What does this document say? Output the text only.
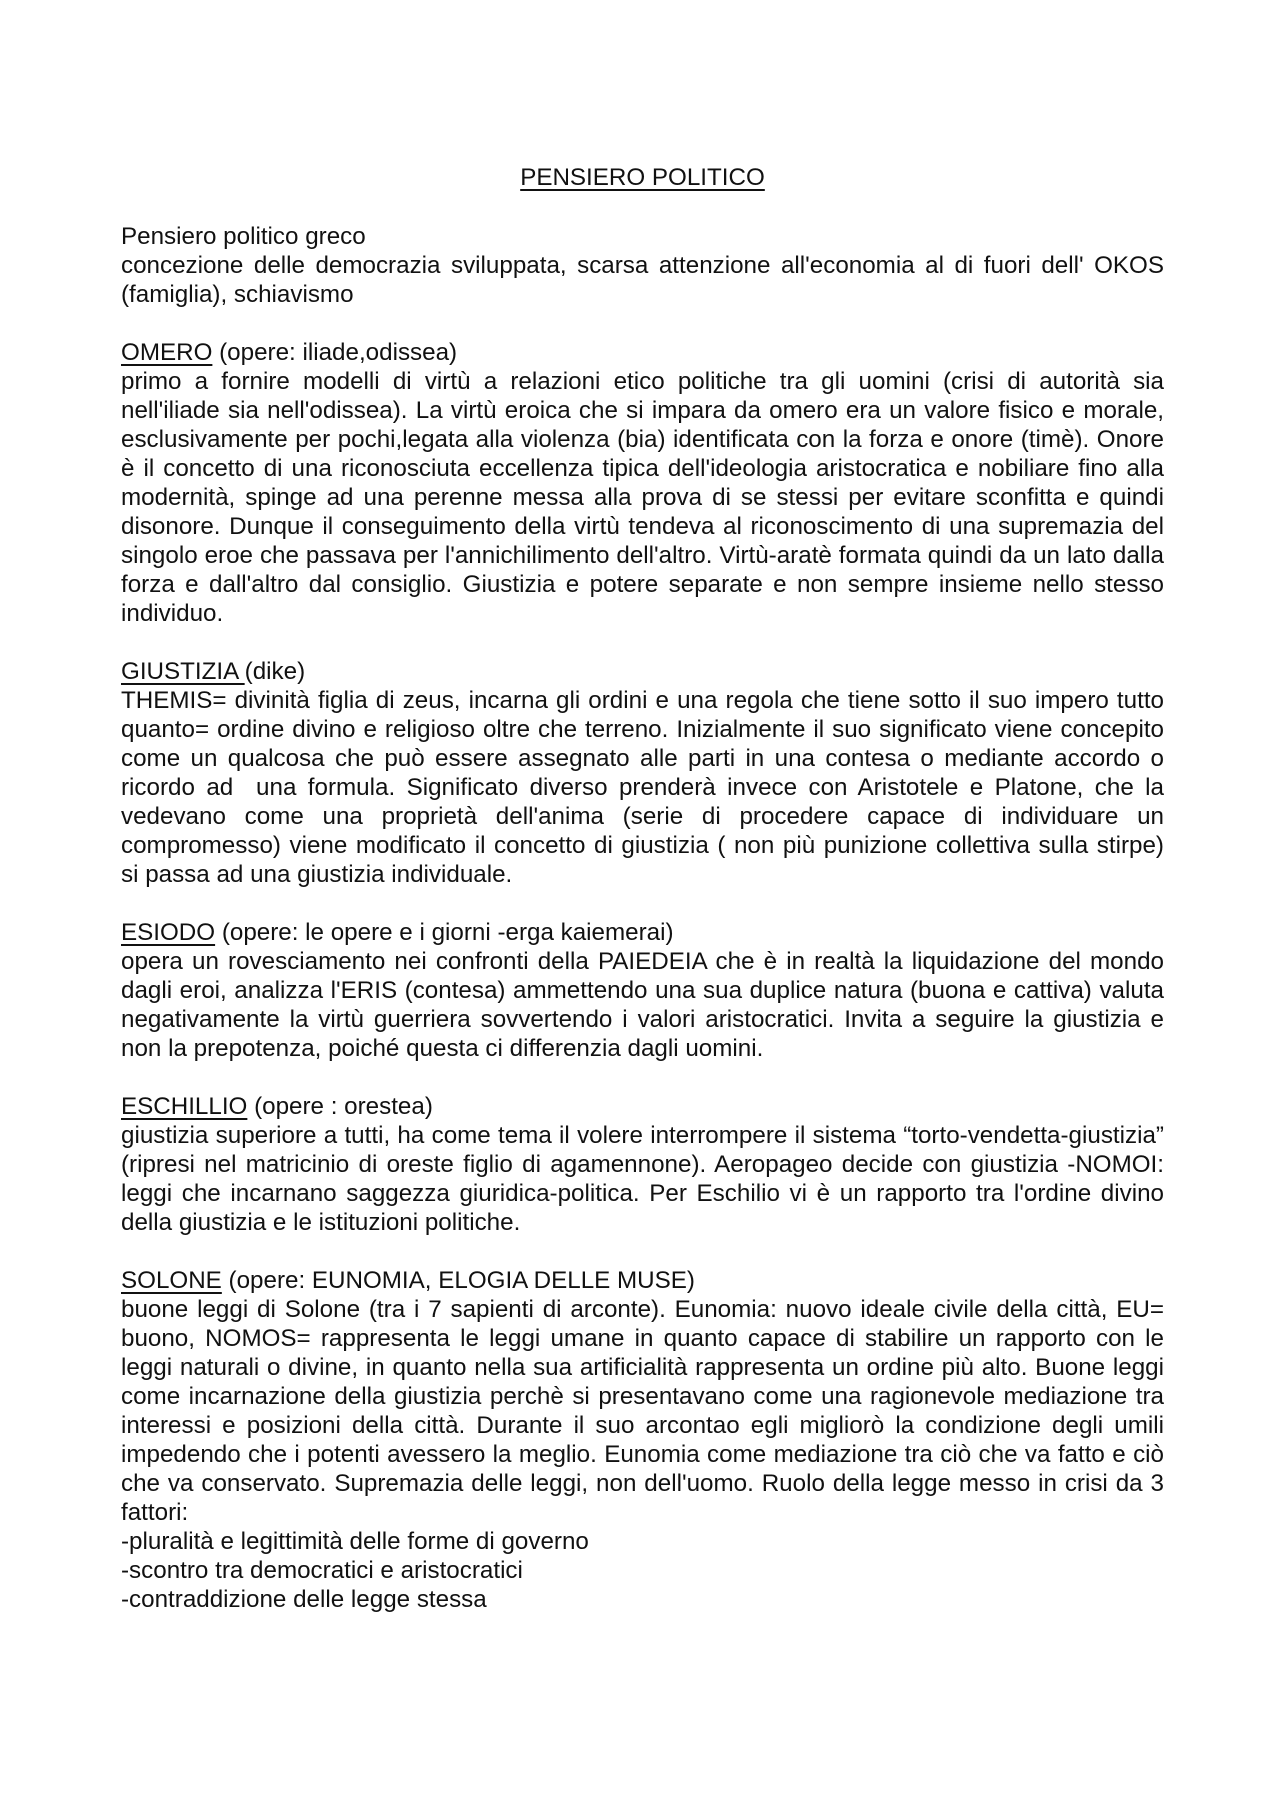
PENSIERO POLITICO

Pensiero politico greco

concezione delle democrazia sviluppata, scarsa attenzione all'economia al di fuori dell' OKOS (famiglia), schiavismo

OMERO (opere: iliade,odissea)

primo a fornire modelli di virtù a relazioni etico politiche tra gli uomini (crisi di autorità sia nell'iliade sia nell'odissea). La virtù eroica che si impara da omero era un valore fisico e morale, esclusivamente per pochi,legata alla violenza (bia) identificata con la forza e onore (timè). Onore è il concetto di una riconosciuta eccellenza tipica dell'ideologia aristocratica e nobiliare fino alla modernità, spinge ad una perenne messa alla prova di se stessi per evitare sconfitta e quindi disonore. Dunque il conseguimento della virtù tendeva al riconoscimento di una supremazia del singolo eroe che passava per l'annichilimento dell'altro. Virtù-aratè formata quindi da un lato dalla forza e dall'altro dal consiglio. Giustizia e potere separate e non sempre insieme nello stesso individuo.

GIUSTIZIA (dike)

THEMIS= divinità figlia di zeus, incarna gli ordini e una regola che tiene sotto il suo impero tutto quanto= ordine divino e religioso oltre che terreno. Inizialmente il suo significato viene concepito come un qualcosa che può essere assegnato alle parti in una contesa o mediante accordo o ricordo ad  una formula. Significato diverso prenderà invece con Aristotele e Platone, che la vedevano come una proprietà dell'anima (serie di procedere capace di individuare un compromesso) viene modificato il concetto di giustizia ( non più punizione collettiva sulla stirpe) si passa ad una giustizia individuale.

ESIODO (opere: le opere e i giorni -erga kaiemerai)

opera un rovesciamento nei confronti della PAIEDEIA che è in realtà la liquidazione del mondo dagli eroi, analizza l'ERIS (contesa) ammettendo una sua duplice natura (buona e cattiva) valuta negativamente la virtù guerriera sovvertendo i valori aristocratici. Invita a seguire la giustizia e non la prepotenza, poiché questa ci differenzia dagli uomini.

ESCHILLIO (opere : orestea)

giustizia superiore a tutti, ha come tema il volere interrompere il sistema “torto-vendetta-giustizia” (ripresi nel matricinio di oreste figlio di agamennone). Aeropageo decide con giustizia -NOMOI: leggi che incarnano saggezza giuridica-politica. Per Eschilio vi è un rapporto tra l'ordine divino della giustizia e le istituzioni politiche.

SOLONE (opere: EUNOMIA, ELOGIA DELLE MUSE)

buone leggi di Solone (tra i 7 sapienti di arconte). Eunomia: nuovo ideale civile della città, EU= buono, NOMOS= rappresenta le leggi umane in quanto capace di stabilire un rapporto con le leggi naturali o divine, in quanto nella sua artificialità rappresenta un ordine più alto. Buone leggi come incarnazione della giustizia perchè si presentavano come una ragionevole mediazione tra interessi e posizioni della città. Durante il suo arcontao egli migliorò la condizione degli umili impedendo che i potenti avessero la meglio. Eunomia come mediazione tra ciò che va fatto e ciò che va conservato. Supremazia delle leggi, non dell'uomo. Ruolo della legge messo in crisi da 3 fattori:

-pluralità e legittimità delle forme di governo

-scontro tra democratici e aristocratici

-contraddizione delle legge stessa
